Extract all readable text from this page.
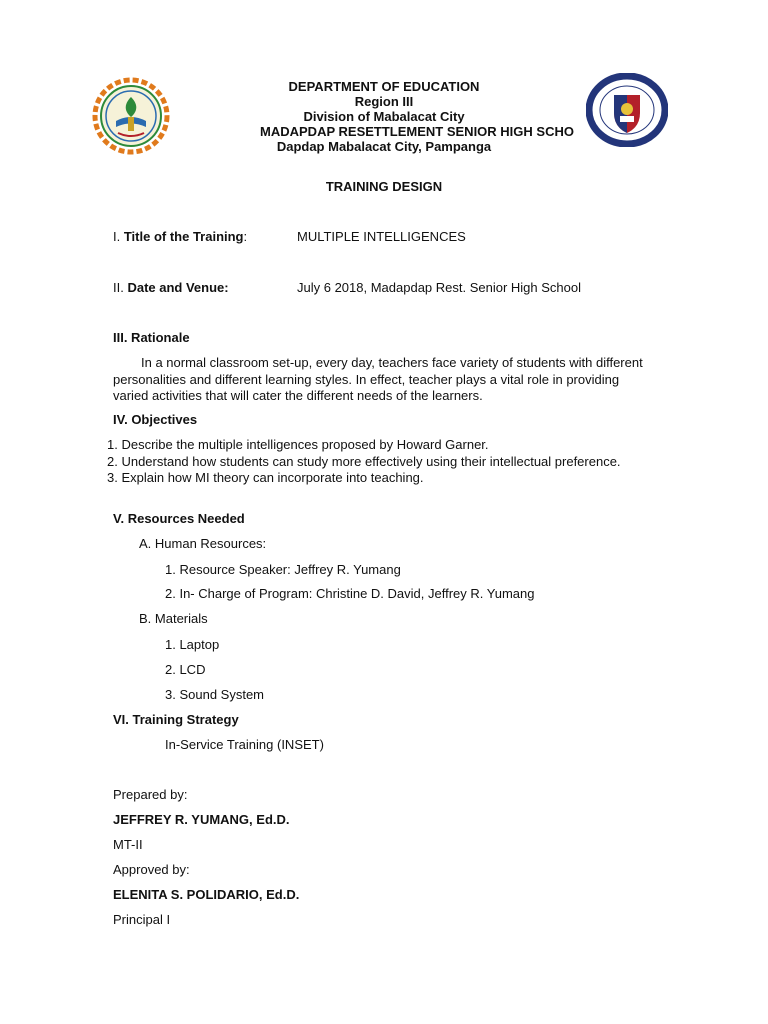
DEPARTMENT OF EDUCATION
Region III
Division of Mabalacat City
MADAPDAP RESETTLEMENT SENIOR HIGH SCHO
Dapdap Mabalacat City, Pampanga
TRAINING DESIGN
I. Title of the Training:	MULTIPLE INTELLIGENCES
II. Date and Venue:	July 6 2018, Madapdap Rest. Senior High School
III. Rationale
In a normal classroom set-up, every day, teachers face variety of students with different
personalities and different learning styles. In effect, teacher plays a vital role in providing
varied activities that will cater the different needs of the learners.
IV. Objectives
1. Describe the multiple intelligences proposed by Howard Garner.
2. Understand how students can study more effectively using their intellectual preference.
3. Explain how MI theory can incorporate into teaching.
V. Resources Needed
A. Human Resources:
1. Resource Speaker: Jeffrey R. Yumang
2. In- Charge of Program: Christine D. David, Jeffrey R. Yumang
B. Materials
1. Laptop
2. LCD
3. Sound System
VI. Training Strategy
In-Service Training (INSET)
Prepared by:
JEFFREY R. YUMANG, Ed.D.
MT-II
Approved by:
ELENITA S. POLIDARIO, Ed.D.
Principal I
